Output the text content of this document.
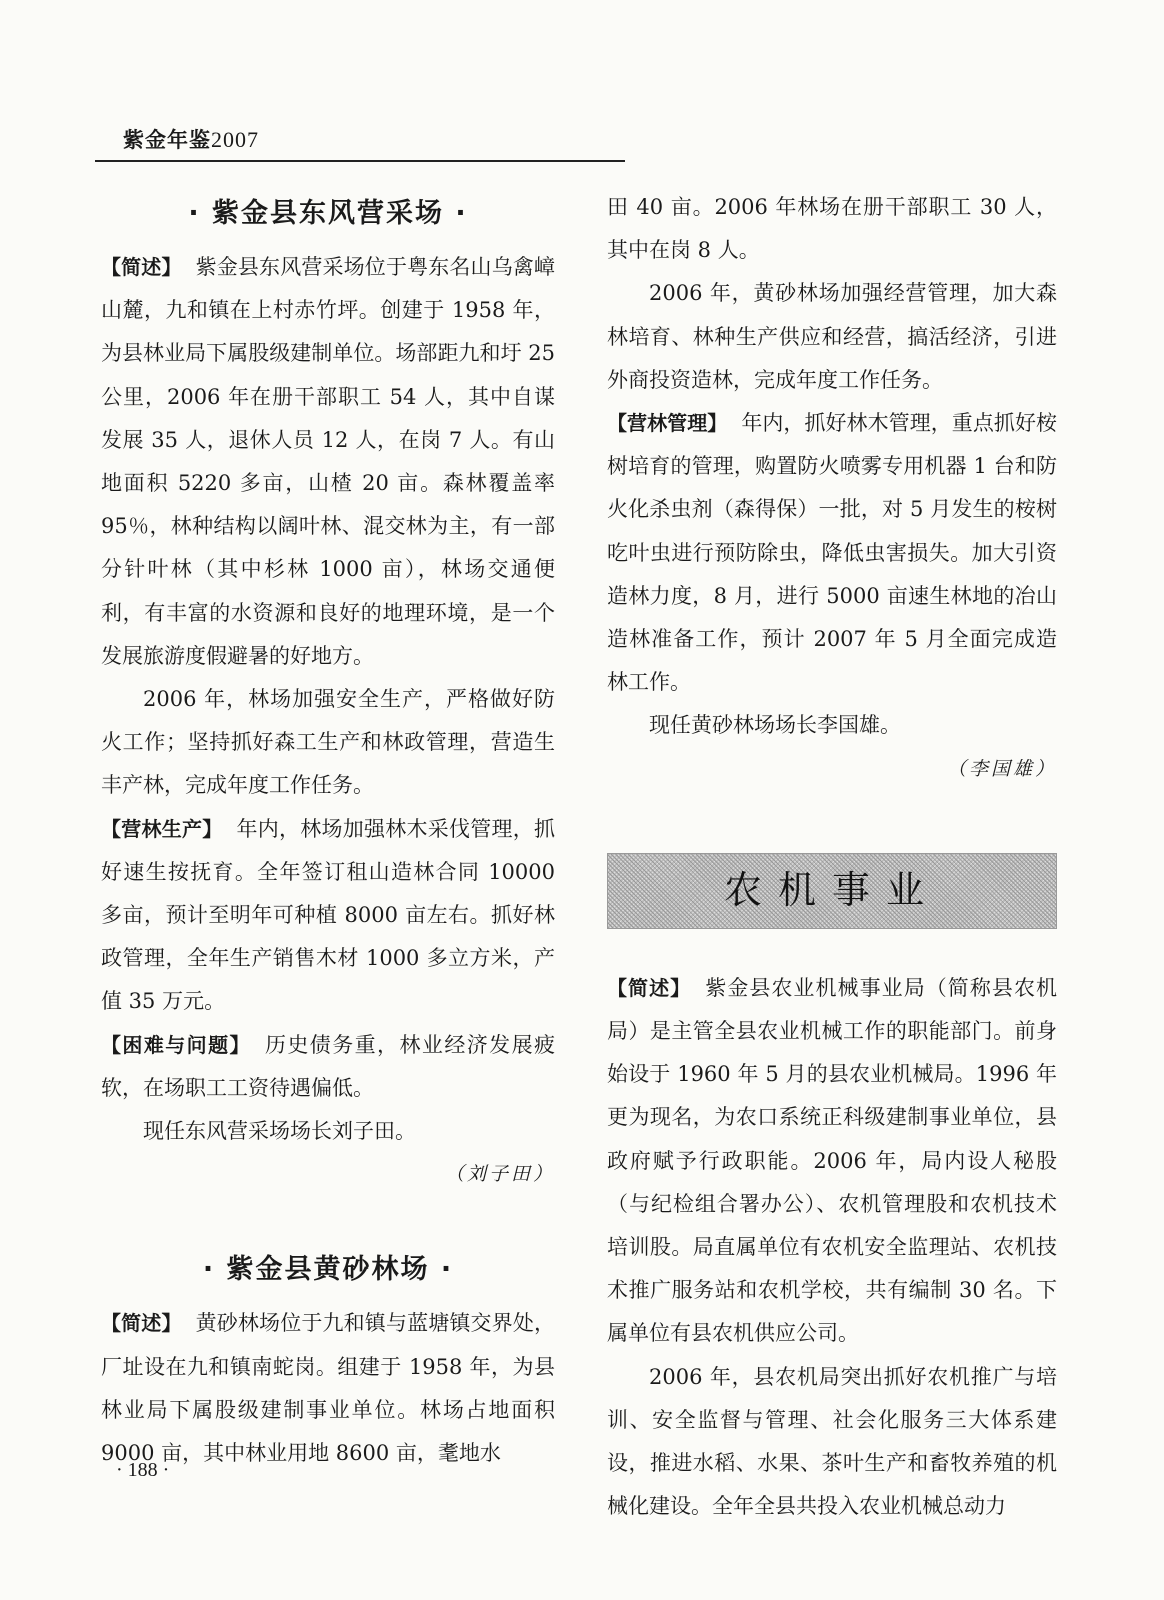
紫金年鉴2007
· 紫金县东风营采场 ·

【简述】 紫金县东风营采场位于粤东名山乌禽嶂山麓，九和镇在上村赤竹坪。创建于 1958 年，为县林业局下属股级建制单位。场部距九和圩 25 公里，2006 年在册干部职工 54 人，其中自谋发展 35 人，退休人员 12 人，在岗 7 人。有山地面积 5220 多亩，山楂 20 亩。森林覆盖率 95％，林种结构以阔叶林、混交林为主，有一部分针叶林（其中杉林 1000 亩），林场交通便利，有丰富的水资源和良好的地理环境，是一个发展旅游度假避暑的好地方。

2006 年，林场加强安全生产，严格做好防火工作；坚持抓好森工生产和林政管理，营造生丰产林，完成年度工作任务。

【营林生产】 年内，林场加强林木采伐管理，抓好速生按抚育。全年签订租山造林合同 10000 多亩，预计至明年可种植 8000 亩左右。抓好林政管理，全年生产销售木材 1000 多立方米，产值 35 万元。

【困难与问题】 历史债务重，林业经济发展疲软，在场职工工资待遇偏低。

现任东风营采场场长刘子田。

（刘子田）

· 紫金县黄砂林场 ·

【简述】 黄砂林场位于九和镇与蓝塘镇交界处，厂址设在九和镇南蛇岗。组建于 1958 年，为县林业局下属股级建制事业单位。林场占地面积 9000 亩，其中林业用地 8600 亩，耄地水

田 40 亩。2006 年林场在册干部职工 30 人，其中在岗 8 人。

2006 年，黄砂林场加强经营管理，加大森林培育、林种生产供应和经营，搞活经济，引进外商投资造林，完成年度工作任务。

【营林管理】 年内，抓好林木管理，重点抓好桉树培育的管理，购置防火喷雾专用机器 1 台和防火化杀虫剂（森得保）一批，对 5 月发生的桉树吃叶虫进行预防除虫，降低虫害损失。加大引资造林力度，8 月，进行 5000 亩速生林地的冶山造林准备工作，预计 2007 年 5 月全面完成造林工作。

现任黄砂林场场长李国雄。

（李国雄）

农机事业

【简述】 紫金县农业机械事业局（简称县农机局）是主管全县农业机械工作的职能部门。前身始设于 1960 年 5 月的县农业机械局。1996 年更为现名，为农口系统正科级建制事业单位，县政府赋予行政职能。2006 年，局内设人秘股（与纪检组合署办公）、农机管理股和农机技术培训股。局直属单位有农机安全监理站、农机技术推广服务站和农机学校，共有编制 30 名。下属单位有县农机供应公司。

2006 年，县农机局突出抓好农机推广与培训、安全监督与管理、社会化服务三大体系建设，推进水稻、水果、茶叶生产和畜牧养殖的机械化建设。全年全县共投入农业机械总动力

· 188 ·
